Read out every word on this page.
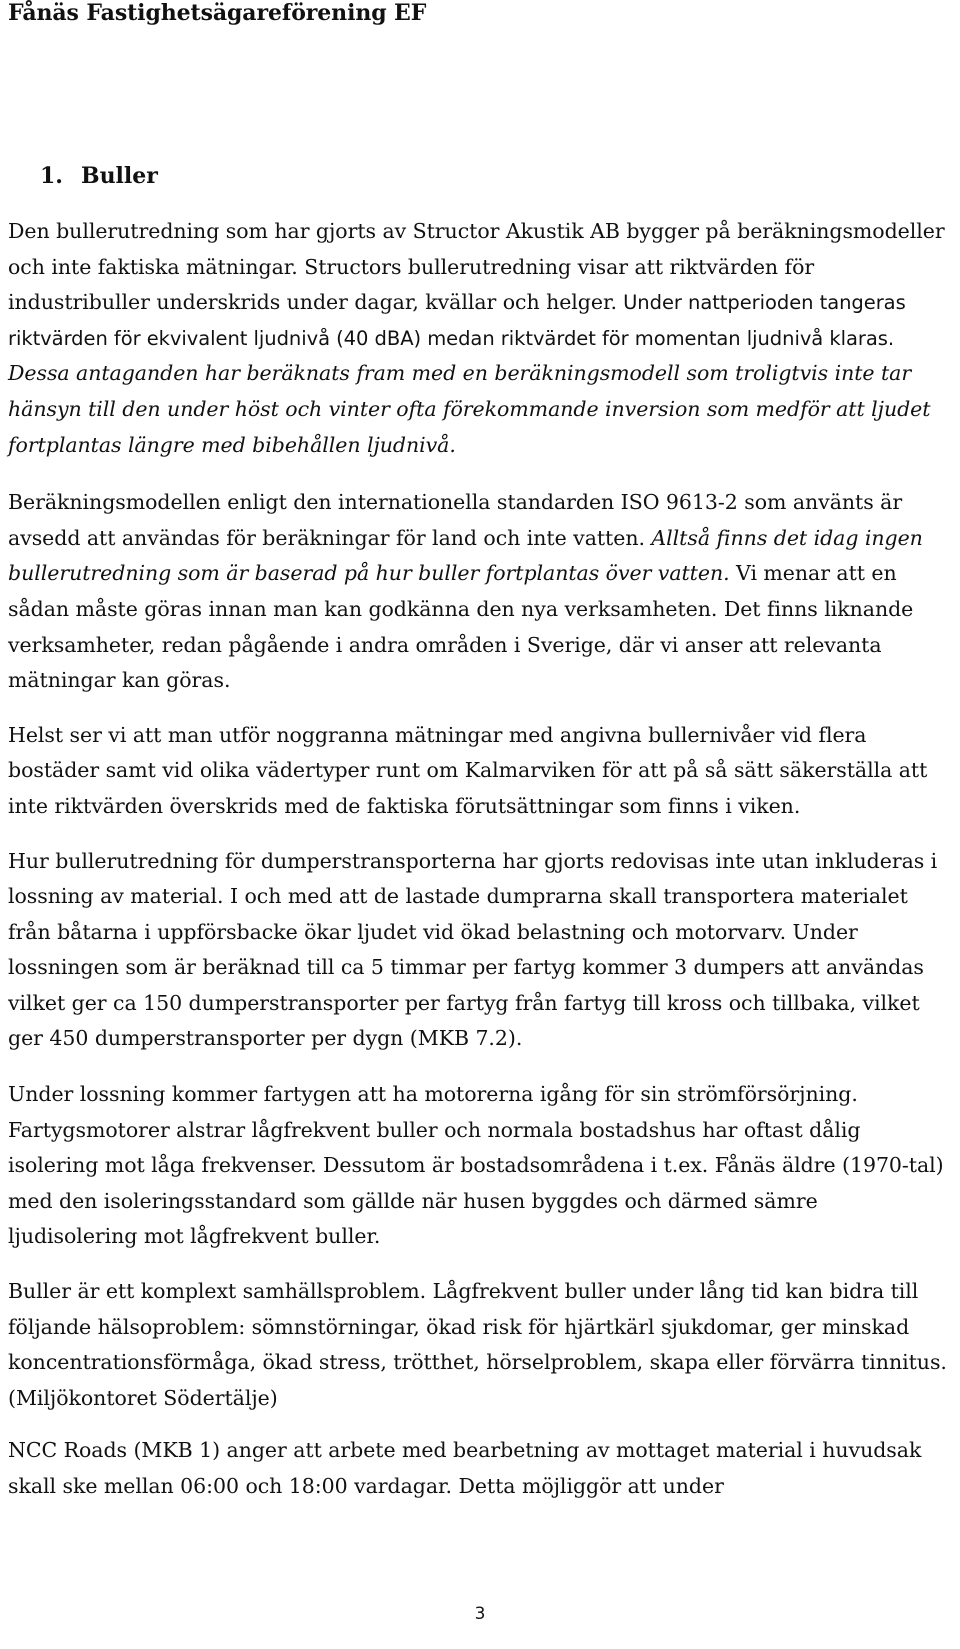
Fånäs Fastighetsägareförening EF
1. Buller

Den bullerutredning som har gjorts av Structor Akustik AB bygger på beräkningsmodeller och inte faktiska mätningar. Structors bullerutredning visar att riktvärden för industribuller underskrids under dagar, kvällar och helger. Under nattperioden tangeras riktvärden för ekvivalent ljudnivå (40 dBA) medan riktvärdet för momentan ljudnivå klaras. Dessa antaganden har beräknats fram med en beräkningsmodell som troligtvis inte tar hänsyn till den under höst och vinter ofta förekommande inversion som medför att ljudet fortplantas längre med bibehållen ljudnivå.

Beräkningsmodellen enligt den internationella standarden ISO 9613-2 som använts är avsedd att användas för beräkningar för land och inte vatten. Alltså finns det idag ingen bullerutredning som är baserad på hur buller fortplantas över vatten. Vi menar att en sådan måste göras innan man kan godkänna den nya verksamheten. Det finns liknande verksamheter, redan pågående i andra områden i Sverige, där vi anser att relevanta mätningar kan göras.

Helst ser vi att man utför noggranna mätningar med angivna bullernivåer vid flera bostäder samt vid olika vädertyper runt om Kalmarviken för att på så sätt säkerställa att inte riktvärden överskrids med de faktiska förutsättningar som finns i viken.

Hur bullerutredning för dumperstransporterna har gjorts redovisas inte utan inkluderas i lossning av material. I och med att de lastade dumprarna skall transportera materialet från båtarna i uppförsbacke ökar ljudet vid ökad belastning och motorvarv. Under lossningen som är beräknad till ca 5 timmar per fartyg kommer 3 dumpers att användas vilket ger ca 150 dumperstransporter per fartyg från fartyg till kross och tillbaka, vilket ger 450 dumperstransporter per dygn (MKB 7.2).

Under lossning kommer fartygen att ha motorerna igång för sin strömförsörjning. Fartygsmotorer alstrar lågfrekvent buller och normala bostadshus har oftast dålig isolering mot låga frekvenser. Dessutom är bostadsområdena i t.ex. Fånäs äldre (1970-tal) med den isoleringsstandard som gällde när husen byggdes och därmed sämre ljudisolering mot lågfrekvent buller.

Buller är ett komplext samhällsproblem. Lågfrekvent buller under lång tid kan bidra till följande hälsoproblem: sömnstörningar, ökad risk för hjärtkärl sjukdomar, ger minskad koncentrationsförmåga, ökad stress, trötthet, hörselproblem, skapa eller förvärra tinnitus. (Miljökontoret Södertälje)

NCC Roads (MKB 1) anger att arbete med bearbetning av mottaget material i huvudsak skall ske mellan 06:00 och 18:00 vardagar. Detta möjliggör att under

3
